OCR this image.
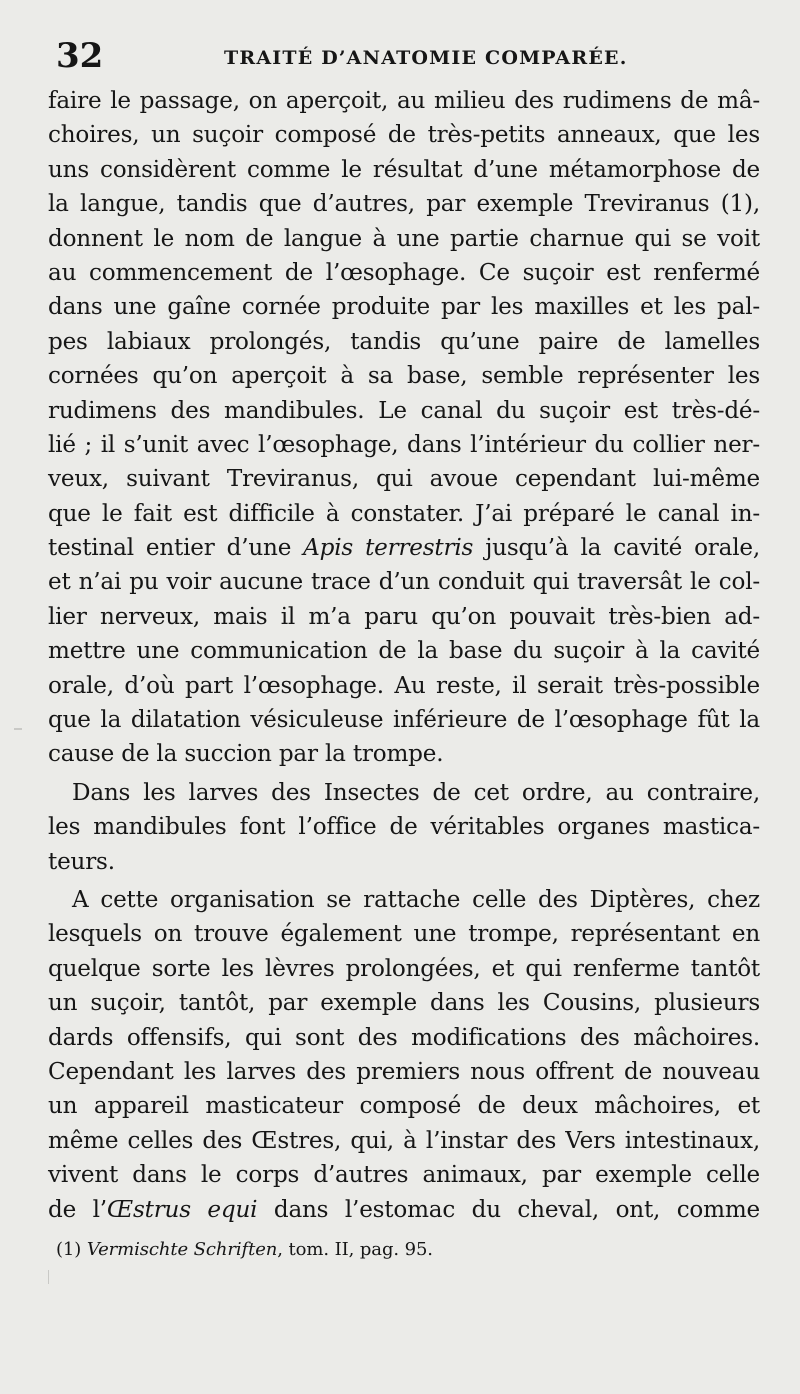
32	TRAITÉ D’ANATOMIE COMPARÉE.
faire le passage, on aperçoit, au milieu des rudimens de mâ-
choires, un suçoir composé de très-petits anneaux, que les
uns considèrent comme le résultat d’une métamorphose de
la langue, tandis que d’autres, par exemple Treviranus (1),
donnent le nom de langue à une partie charnue qui se voit
au commencement de l’œsophage. Ce suçoir est renfermé
dans une gaîne cornée produite par les maxilles et les pal-
pes labiaux prolongés, tandis qu’une paire de lamelles
cornées qu’on aperçoit à sa base, semble représenter les
rudimens des mandibules. Le canal du suçoir est très-dé-
lié ; il s’unit avec l’œsophage, dans l’intérieur du collier ner-
veux, suivant Treviranus, qui avoue cependant lui-même
que le fait est difficile à constater. J’ai préparé le canal in-
testinal entier d’une Apis terrestris jusqu’à la cavité orale,
et n’ai pu voir aucune trace d’un conduit qui traversât le col-
lier nerveux, mais il m’a paru qu’on pouvait très-bien ad-
mettre une communication de la base du suçoir à la cavité
orale, d’où part l’œsophage. Au reste, il serait très-possible
que la dilatation vésiculeuse inférieure de l’œsophage fût la
cause de la succion par la trompe.
Dans les larves des Insectes de cet ordre, au contraire,
les mandibules font l’office de véritables organes mastica-
teurs.
A cette organisation se rattache celle des Diptères, chez
lesquels on trouve également une trompe, représentant en
quelque sorte les lèvres prolongées, et qui renferme tantôt
un suçoir, tantôt, par exemple dans les Cousins, plusieurs
dards offensifs, qui sont des modifications des mâchoires.
Cependant les larves des premiers nous offrent de nouveau
un appareil masticateur composé de deux mâchoires, et
même celles des Œstres, qui, à l’instar des Vers intestinaux,
vivent dans le corps d’autres animaux, par exemple celle
de l’Œstrus equi dans l’estomac du cheval, ont, comme
(1) Vermischte Schriften, tom. II, pag. 95.
